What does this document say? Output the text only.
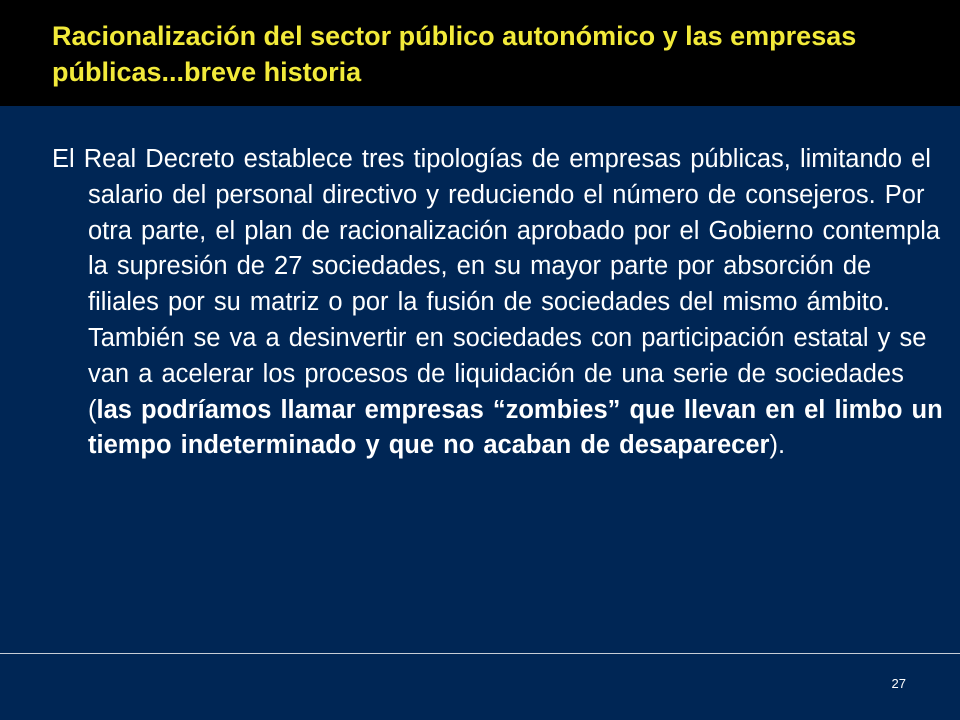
Racionalización del sector público autonómico y las empresas públicas...breve historia

El Real Decreto establece tres tipologías de empresas públicas, limitando el salario del personal directivo y reduciendo el número de consejeros. Por otra parte, el plan de racionalización aprobado por el Gobierno contempla la supresión de 27 sociedades, en su mayor parte por absorción de filiales por su matriz o por la fusión de sociedades del mismo ámbito. También se va a desinvertir en sociedades con participación estatal y se van a acelerar los procesos de liquidación de una serie de sociedades (las podríamos llamar empresas “zombies” que llevan en el limbo un tiempo indeterminado y que no acaban de desaparecer).

27
